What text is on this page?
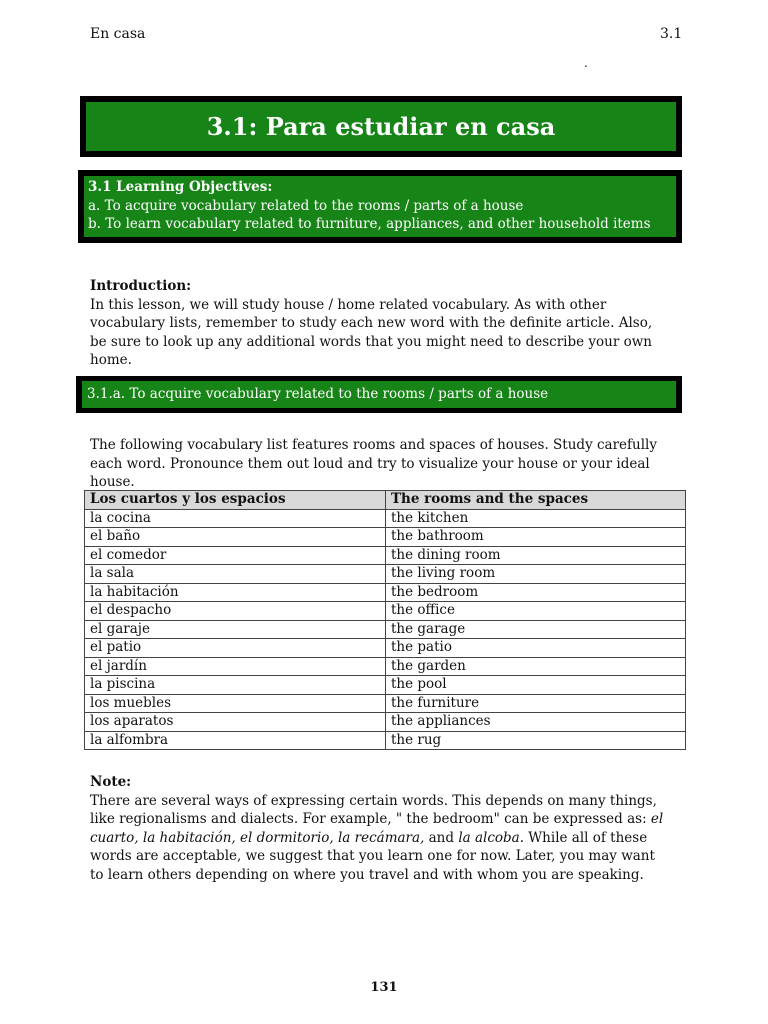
En casa	3.1
.
3.1: Para estudiar en casa
3.1 Learning Objectives:
a. To acquire vocabulary related to the rooms / parts of a house
b. To learn vocabulary related to furniture, appliances, and other household items
Introduction:
In this lesson, we will study house / home related vocabulary. As with other vocabulary lists, remember to study each new word with the definite article. Also, be sure to look up any additional words that you might need to describe your own home.
3.1.a. To acquire vocabulary related to the rooms / parts of a house
The following vocabulary list features rooms and spaces of houses. Study carefully each word. Pronounce them out loud and try to visualize your house or your ideal house.
Los cuartos y los espacios	The rooms and the spaces
la cocina	the kitchen
el baño	the bathroom
el comedor	the dining room
la sala	the living room
la habitación	the bedroom
el despacho	the office
el garaje	the garage
el patio	the patio
el jardín	the garden
la piscina	the pool
los muebles	the furniture
los aparatos	the appliances
la alfombra	the rug
Note:
There are several ways of expressing certain words. This depends on many things, like regionalisms and dialects. For example, " the bedroom" can be expressed as: el cuarto, la habitación, el dormitorio, la recámara, and la alcoba. While all of these words are acceptable, we suggest that you learn one for now. Later, you may want to learn others depending on where you travel and with whom you are speaking.
131
